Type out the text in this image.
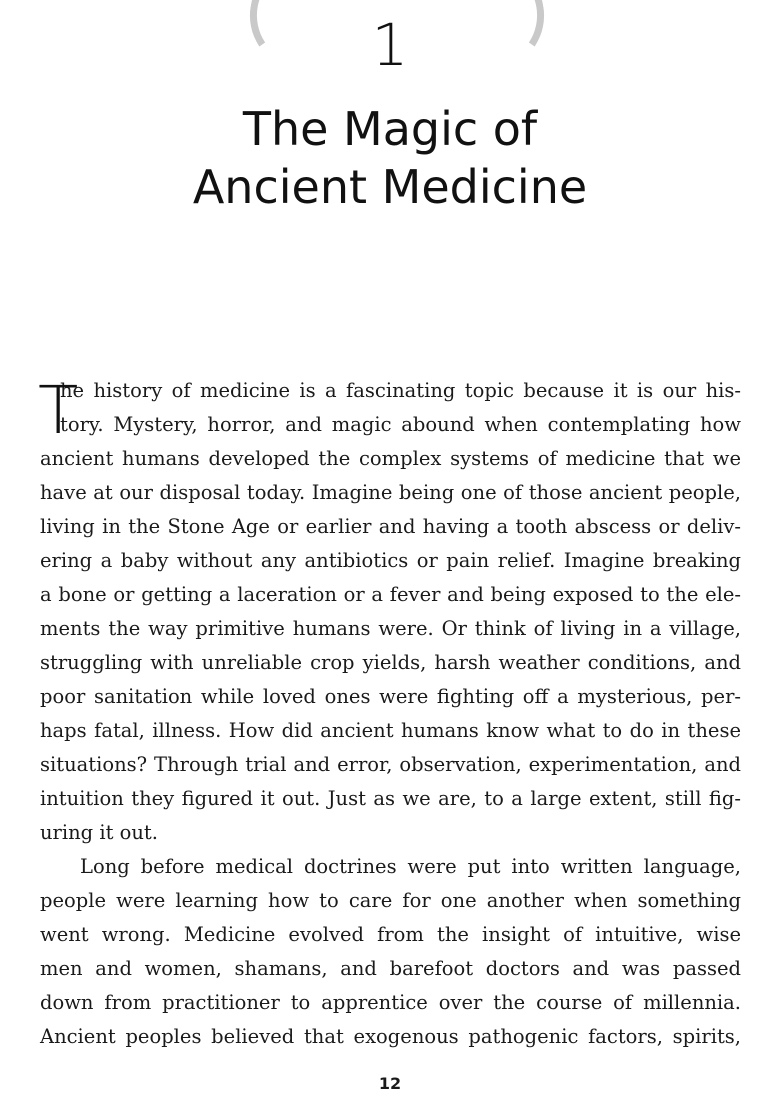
1
The Magic of
Ancient Medicine
T
he history of medicine is a fascinating topic because it is our his-
tory. Mystery, horror, and magic abound when contemplating how
ancient humans developed the complex systems of medicine that we
have at our disposal today. Imagine being one of those ancient people,
living in the Stone Age or earlier and having a tooth abscess or deliv-
ering a baby without any antibiotics or pain relief. Imagine breaking
a bone or getting a laceration or a fever and being exposed to the ele-
ments the way primitive humans were. Or think of living in a village,
struggling with unreliable crop yields, harsh weather conditions, and
poor sanitation while loved ones were fighting off a mysterious, per-
haps fatal, illness. How did ancient humans know what to do in these
situations? Through trial and error, observation, experimentation, and
intuition they figured it out. Just as we are, to a large extent, still fig-
uring it out.
Long before medical doctrines were put into written language,
people were learning how to care for one another when something
went wrong. Medicine evolved from the insight of intuitive, wise
men and women, shamans, and barefoot doctors and was passed
down from practitioner to apprentice over the course of millennia.
Ancient peoples believed that exogenous pathogenic factors, spirits,
12
